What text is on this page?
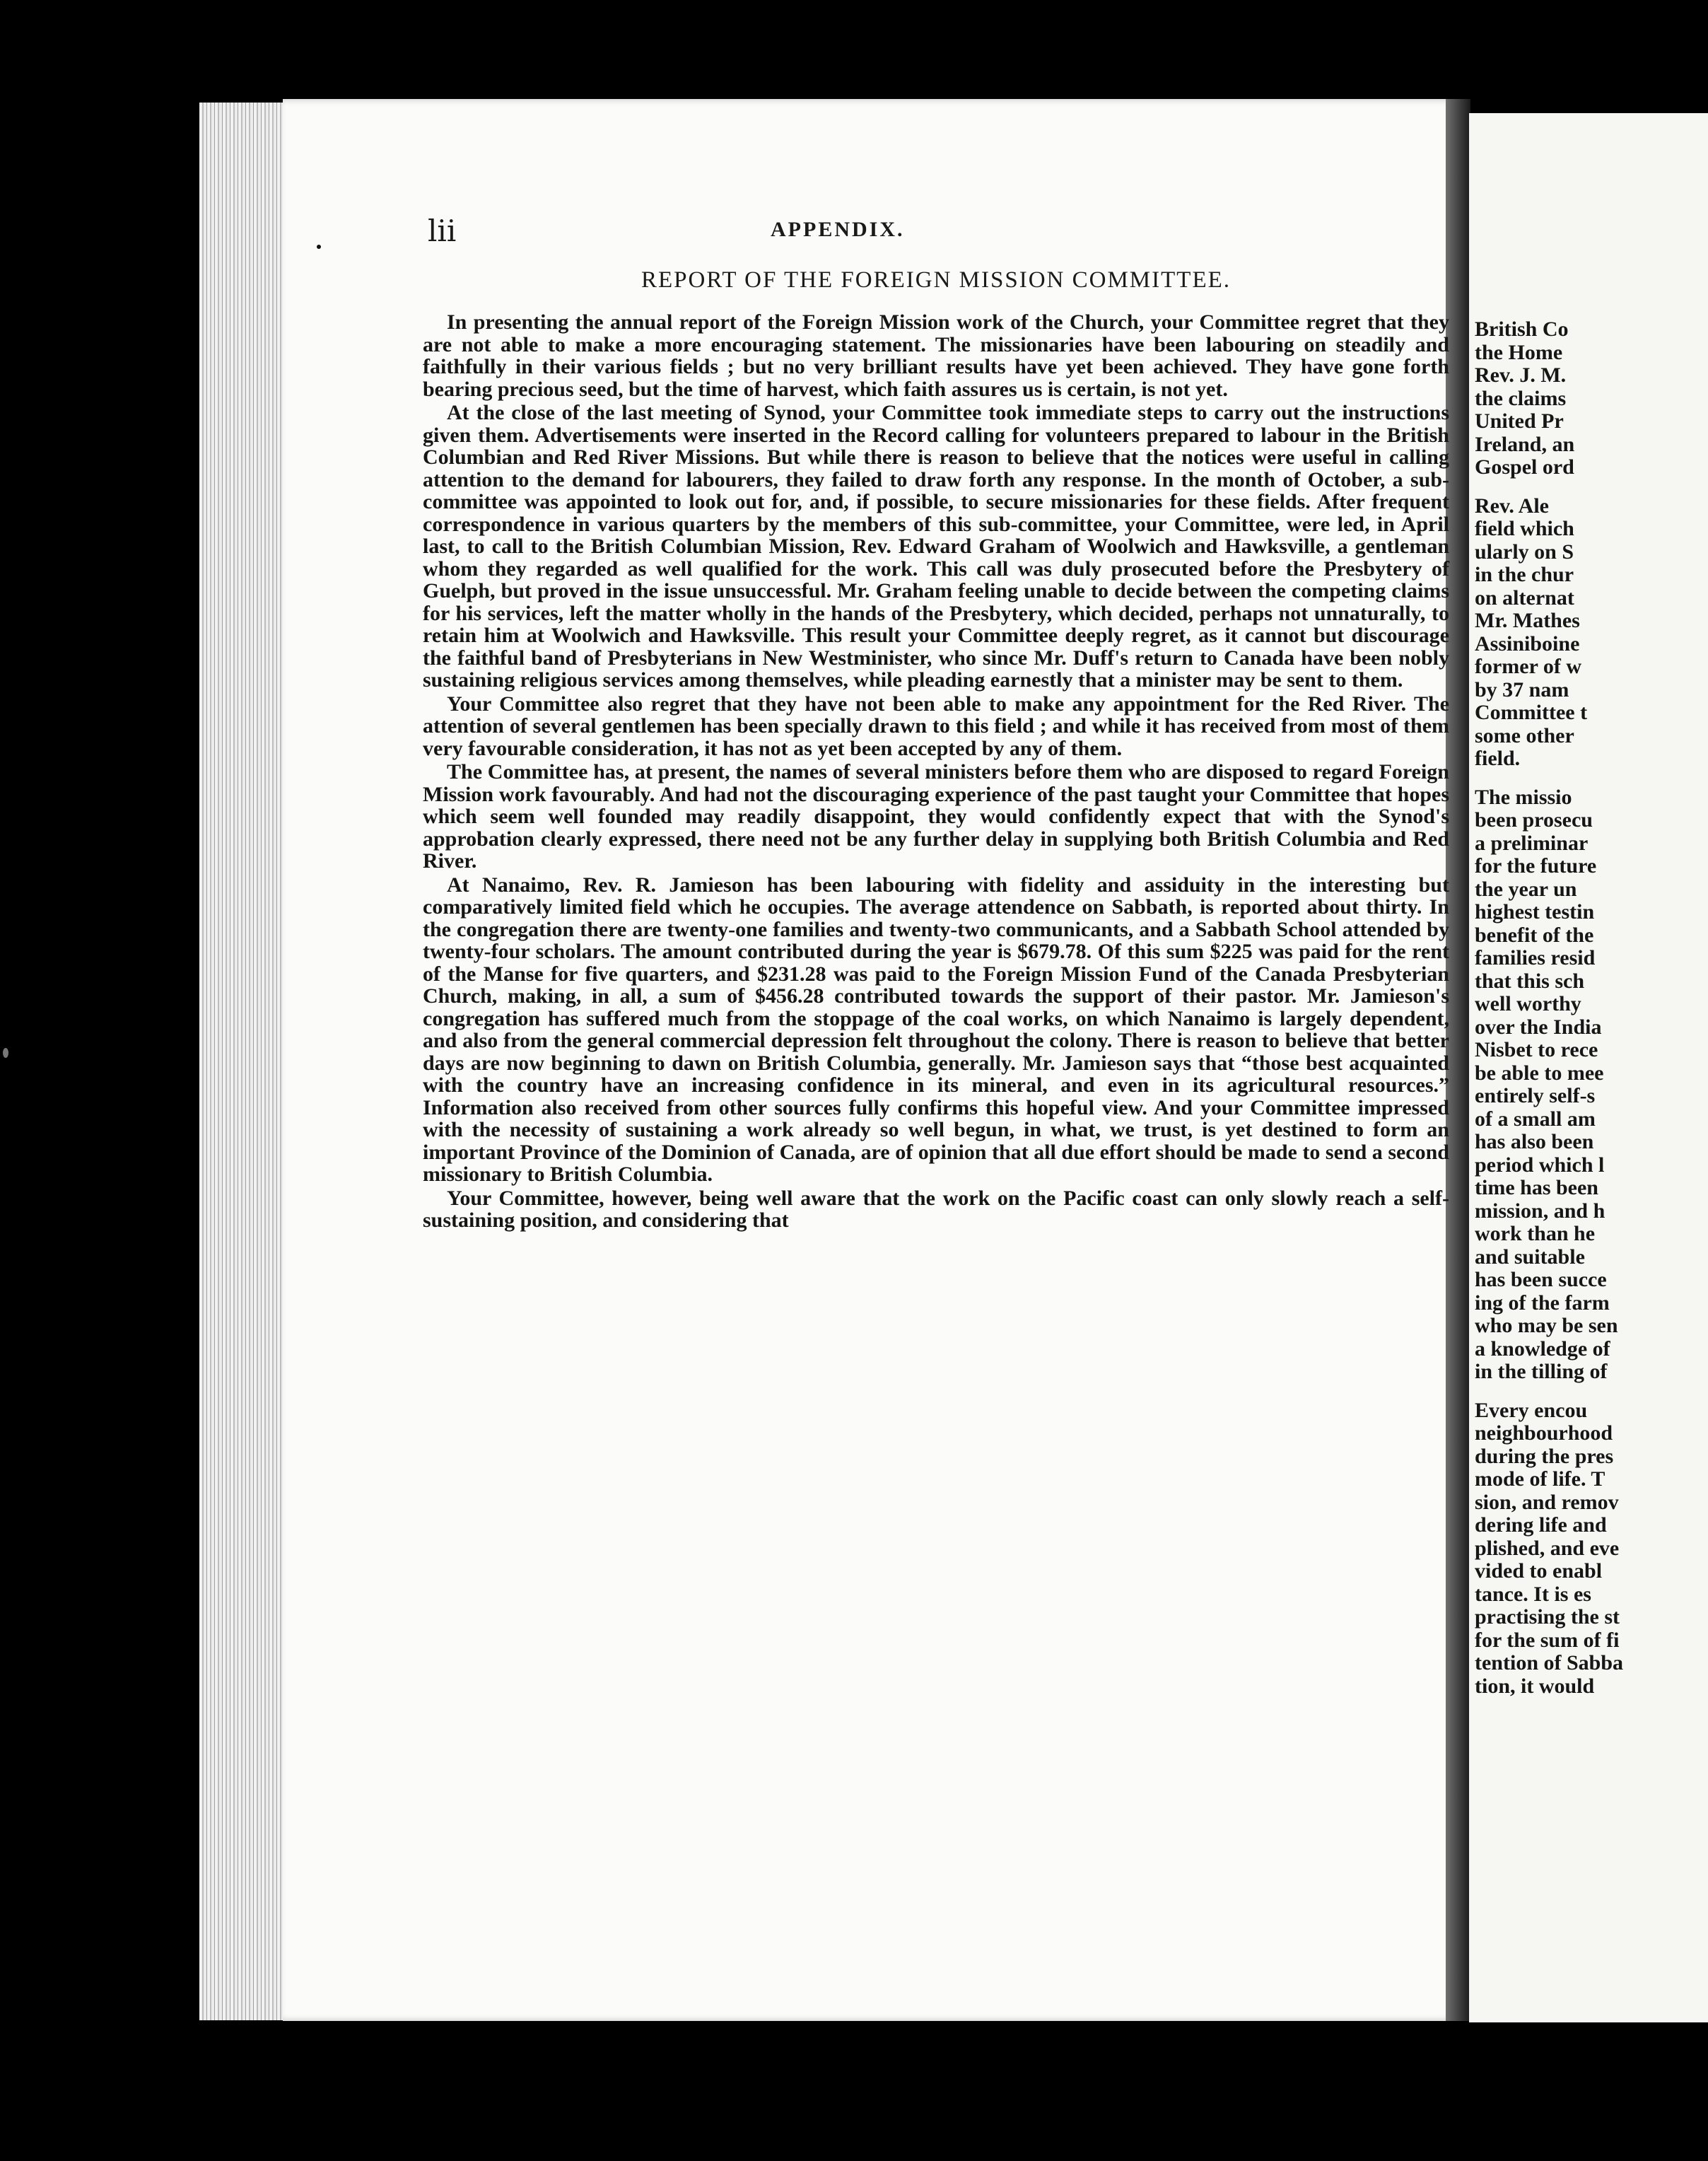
lii	APPENDIX.
REPORT OF THE FOREIGN MISSION COMMITTEE.

In presenting the annual report of the Foreign Mission work of the Church, your Committee regret that they are not able to make a more encouraging statement. The missionaries have been labouring on steadily and faithfully in their various fields ; but no very brilliant results have yet been achieved. They have gone forth bearing precious seed, but the time of harvest, which faith assures us is certain, is not yet.

At the close of the last meeting of Synod, your Committee took immediate steps to carry out the instructions given them. Advertisements were inserted in the Record calling for volunteers prepared to labour in the British Columbian and Red River Missions. But while there is reason to believe that the notices were useful in calling attention to the demand for labourers, they failed to draw forth any response. In the month of October, a sub-committee was appointed to look out for, and, if possible, to secure missionaries for these fields. After frequent correspondence in various quarters by the members of this sub-committee, your Committee, were led, in April last, to call to the British Columbian Mission, Rev. Edward Graham of Woolwich and Hawksville, a gentleman whom they regarded as well qualified for the work. This call was duly prosecuted before the Presbytery of Guelph, but proved in the issue unsuccessful. Mr. Graham feeling unable to decide between the competing claims for his services, left the matter wholly in the hands of the Presbytery, which decided, perhaps not unnaturally, to retain him at Woolwich and Hawksville. This result your Committee deeply regret, as it cannot but discourage the faithful band of Presbyterians in New Westminister, who since Mr. Duff's return to Canada have been nobly sustaining religious services among themselves, while pleading earnestly that a minister may be sent to them.

Your Committee also regret that they have not been able to make any appointment for the Red River. The attention of several gentlemen has been specially drawn to this field ; and while it has received from most of them very favourable consideration, it has not as yet been accepted by any of them.

The Committee has, at present, the names of several ministers before them who are disposed to regard Foreign Mission work favourably. And had not the discouraging experience of the past taught your Committee that hopes which seem well founded may readily disappoint, they would confidently expect that with the Synod's approbation clearly expressed, there need not be any further delay in supplying both British Columbia and Red River.

At Nanaimo, Rev. R. Jamieson has been labouring with fidelity and assiduity in the interesting but comparatively limited field which he occupies. The average attendence on Sabbath, is reported about thirty. In the congregation there are twenty-one families and twenty-two communicants, and a Sabbath School attended by twenty-four scholars. The amount contributed during the year is $679.78. Of this sum $225 was paid for the rent of the Manse for five quarters, and $231.28 was paid to the Foreign Mission Fund of the Canada Presbyterian Church, making, in all, a sum of $456.28 contributed towards the support of their pastor. Mr. Jamieson's congregation has suffered much from the stoppage of the coal works, on which Nanaimo is largely dependent, and also from the general commercial depression felt throughout the colony. There is reason to believe that better days are now beginning to dawn on British Columbia, generally. Mr. Jamieson says that “those best acquainted with the country have an increasing confidence in its mineral, and even in its agricultural resources.” Information also received from other sources fully confirms this hopeful view. And your Committee impressed with the necessity of sustaining a work already so well begun, in what, we trust, is yet destined to form an important Province of the Dominion of Canada, are of opinion that all due effort should be made to send a second missionary to British Columbia.

Your Committee, however, being well aware that the work on the Pacific coast can only slowly reach a self-sustaining position, and considering that

British Co
the Home
Rev. J. M.
the claims
United Pr
Ireland, an
Gospel ord
Rev. Ale
field which
ularly on S
in the chur
on alternat
Mr. Mathes
Assiniboine
former of w
by 37 nam
Committee t
some other
field.
The missio
been prosecu
a preliminar
for the future
the year un
highest testin
benefit of the
families resid
that this sch
well worthy
over the India
Nisbet to rece
be able to mee
entirely self-s
of a small am
has also been
period which l
time has been
mission, and h
work than he
and suitable
has been succe
ing of the farm
who may be sen
a knowledge of
in the tilling of
Every encou
neighbourhood
during the pres
mode of life. T
sion, and remov
dering life and
plished, and eve
vided to enabl
tance. It is es
practising the st
for the sum of fi
tention of Sabba
tion, it would
